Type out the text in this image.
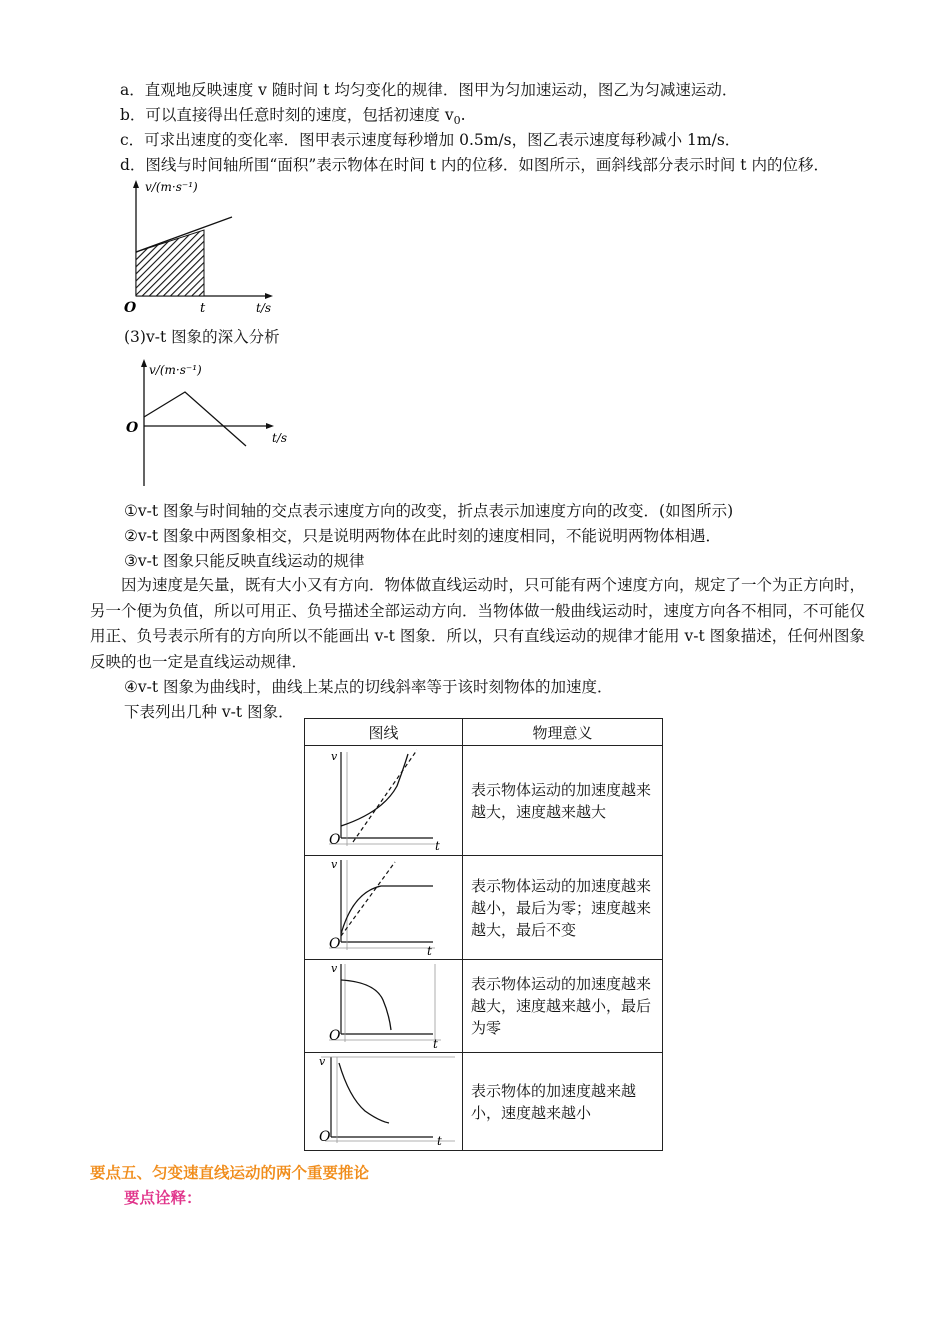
a．直观地反映速度 v 随时间 t 均匀变化的规律．图甲为匀加速运动，图乙为匀减速运动．
b．可以直接得出任意时刻的速度，包括初速度 $v_0$.
c．可求出速度的变化率．图甲表示速度每秒增加 0.5m/s，图乙表示速度每秒减小 1m/s．
d．图线与时间轴所围“面积”表示物体在时间 t 内的位移．如图所示，画斜线部分表示时间 t 内的位移．
v/(m·s⁻¹)
O	t	t/s
(3)v-t 图象的深入分析
v/(m·s⁻¹)
O
t/s
①v-t 图象与时间轴的交点表示速度方向的改变，折点表示加速度方向的改变．(如图所示)
②v-t 图象中两图象相交，只是说明两物体在此时刻的速度相同，不能说明两物体相遇．
③v-t 图象只能反映直线运动的规律
因为速度是矢量，既有大小又有方向．物体做直线运动时，只可能有两个速度方向，规定了一个为正方向时，另一个便为负值，所以可用正、负号描述全部运动方向．当物体做一般曲线运动时，速度方向各不相同，不可能仅用正、负号表示所有的方向所以不能画出 v-t 图象．所以，只有直线运动的规律才能用 v-t 图象描述，任何州图象反映的也一定是直线运动规律．
④v-t 图象为曲线时，曲线上某点的切线斜率等于该时刻物体的加速度．
下表列出几种 v-t 图象．
图线	物理意义

v
O t	表示物体运动的加速度越来越大，速度越来越大

v
O t	表示物体运动的加速度越来越小，最后为零；速度越来越大，最后不变

v
O t	表示物体运动的加速度越来越大，速度越来越小，最后为零

v
O t	表示物体的加速度越来越小，速度越来越小
要点五、匀变速直线运动的两个重要推论
要点诠释：
